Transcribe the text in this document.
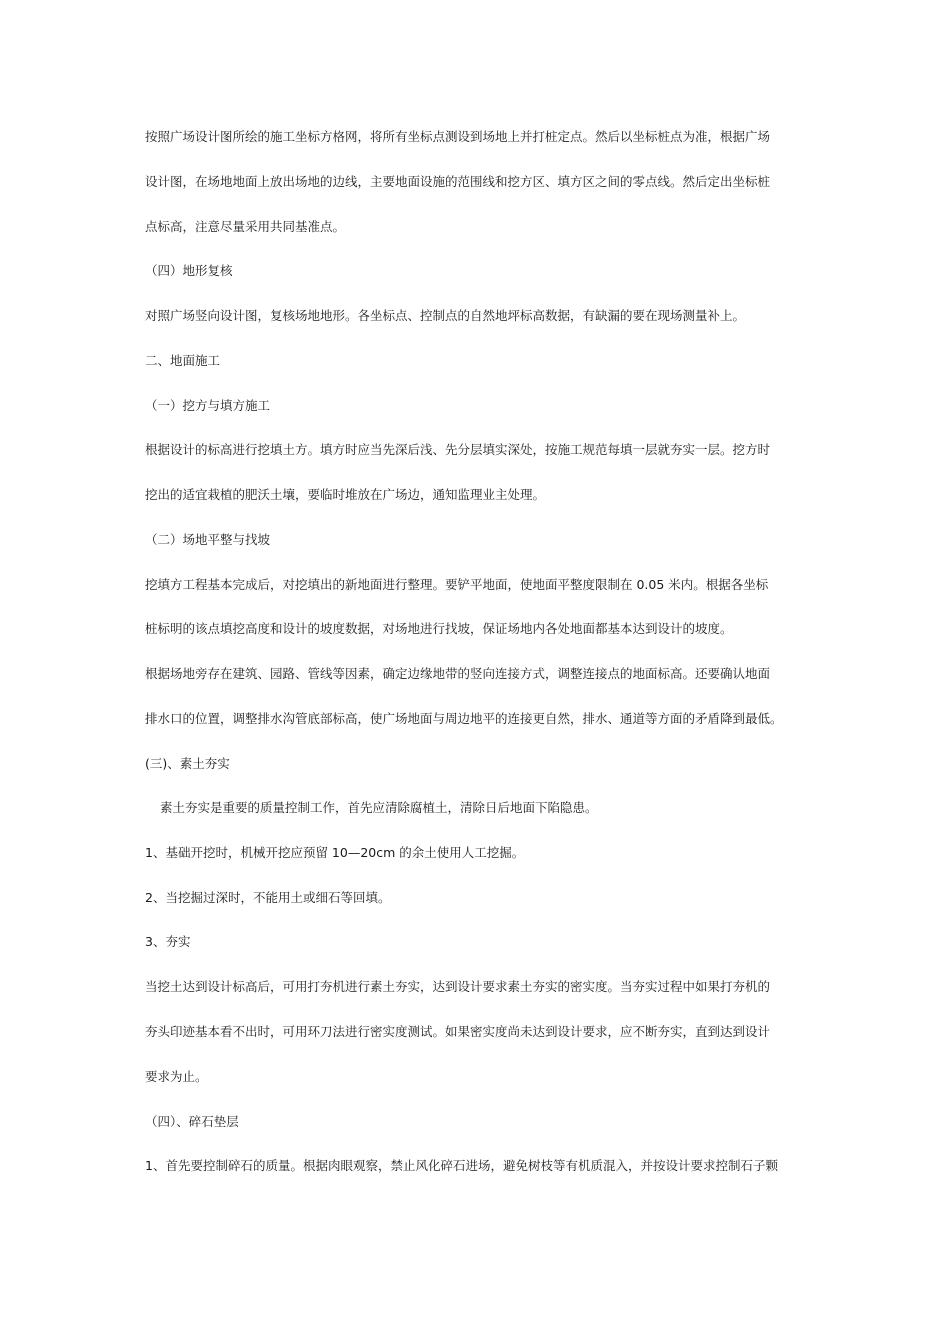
按照广场设计图所绘的施工坐标方格网，将所有坐标点测设到场地上并打桩定点。然后以坐标桩点为准，根据广场
设计图，在场地地面上放出场地的边线，主要地面设施的范围线和挖方区、填方区之间的零点线。然后定出坐标桩
点标高，注意尽量采用共同基准点。
（四）地形复核
对照广场竖向设计图，复核场地地形。各坐标点、控制点的自然地坪标高数据，有缺漏的要在现场测量补上。
二、地面施工
（一）挖方与填方施工
根据设计的标高进行挖填土方。填方时应当先深后浅、先分层填实深处，按施工规范每填一层就夯实一层。挖方时
挖出的适宜栽植的肥沃土壤，要临时堆放在广场边，通知监理业主处理。
（二）场地平整与找坡
挖填方工程基本完成后，对挖填出的新地面进行整理。要铲平地面，使地面平整度限制在 0.05 米内。根据各坐标
桩标明的该点填挖高度和设计的坡度数据，对场地进行找坡，保证场地内各处地面都基本达到设计的坡度。
根据场地旁存在建筑、园路、管线等因素，确定边缘地带的竖向连接方式，调整连接点的地面标高。还要确认地面
排水口的位置，调整排水沟管底部标高，使广场地面与周边地平的连接更自然，排水、通道等方面的矛盾降到最低。
(三)、素土夯实
素土夯实是重要的质量控制工作，首先应清除腐植土，清除日后地面下陷隐患。
1、基础开挖时，机械开挖应预留 10—20cm 的余土使用人工挖掘。
2、当挖掘过深时，不能用土或细石等回填。
3、夯实
当挖土达到设计标高后，可用打夯机进行素土夯实，达到设计要求素土夯实的密实度。当夯实过程中如果打夯机的
夯头印迹基本看不出时，可用环刀法进行密实度测试。如果密实度尚未达到设计要求，应不断夯实，直到达到设计
要求为止。
（四）、碎石垫层
1、首先要控制碎石的质量。根据肉眼观察，禁止风化碎石进场，避免树枝等有机质混入，并按设计要求控制石子颗
